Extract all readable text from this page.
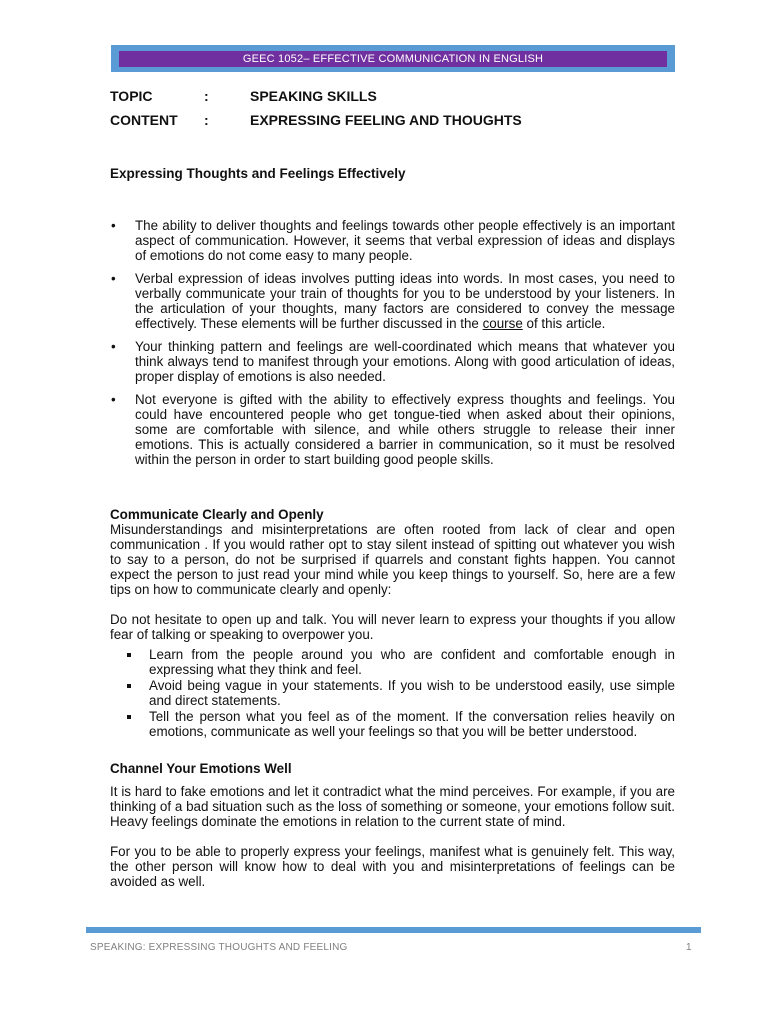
GEEC 1052– EFFECTIVE COMMUNICATION IN ENGLISH
TOPIC	:	SPEAKING SKILLS
CONTENT :	EXPRESSING FEELING AND THOUGHTS
Expressing Thoughts and Feelings Effectively
• The ability to deliver thoughts and feelings towards other people effectively is an important aspect of communication. However, it seems that verbal expression of ideas and displays of emotions do not come easy to many people.
• Verbal expression of ideas involves putting ideas into words. In most cases, you need to verbally communicate your train of thoughts for you to be understood by your listeners. In the articulation of your thoughts, many factors are considered to convey the message effectively. These elements will be further discussed in the course of this article.
• Your thinking pattern and feelings are well-coordinated which means that whatever you think always tend to manifest through your emotions. Along with good articulation of ideas, proper display of emotions is also needed.
• Not everyone is gifted with the ability to effectively express thoughts and feelings. You could have encountered people who get tongue-tied when asked about their opinions, some are comfortable with silence, and while others struggle to release their inner emotions. This is actually considered a barrier in communication, so it must be resolved within the person in order to start building good people skills.
Communicate Clearly and Openly

Misunderstandings and misinterpretations are often rooted from lack of clear and open communication . If you would rather opt to stay silent instead of spitting out whatever you wish to say to a person, do not be surprised if quarrels and constant fights happen. You cannot expect the person to just read your mind while you keep things to yourself. So, here are a few tips on how to communicate clearly and openly:

Do not hesitate to open up and talk. You will never learn to express your thoughts if you allow fear of talking or speaking to overpower you.

Learn from the people around you who are confident and comfortable enough in expressing what they think and feel.
Avoid being vague in your statements. If you wish to be understood easily, use simple and direct statements.
Tell the person what you feel as of the moment. If the conversation relies heavily on emotions, communicate as well your feelings so that you will be better understood.
Channel Your Emotions Well

It is hard to fake emotions and let it contradict what the mind perceives. For example, if you are thinking of a bad situation such as the loss of something or someone, your emotions follow suit. Heavy feelings dominate the emotions in relation to the current state of mind.

For you to be able to properly express your feelings, manifest what is genuinely felt. This way, the other person will know how to deal with you and misinterpretations of feelings can be avoided as well.

SPEAKING: EXPRESSING THOUGHTS AND FEELING	1
